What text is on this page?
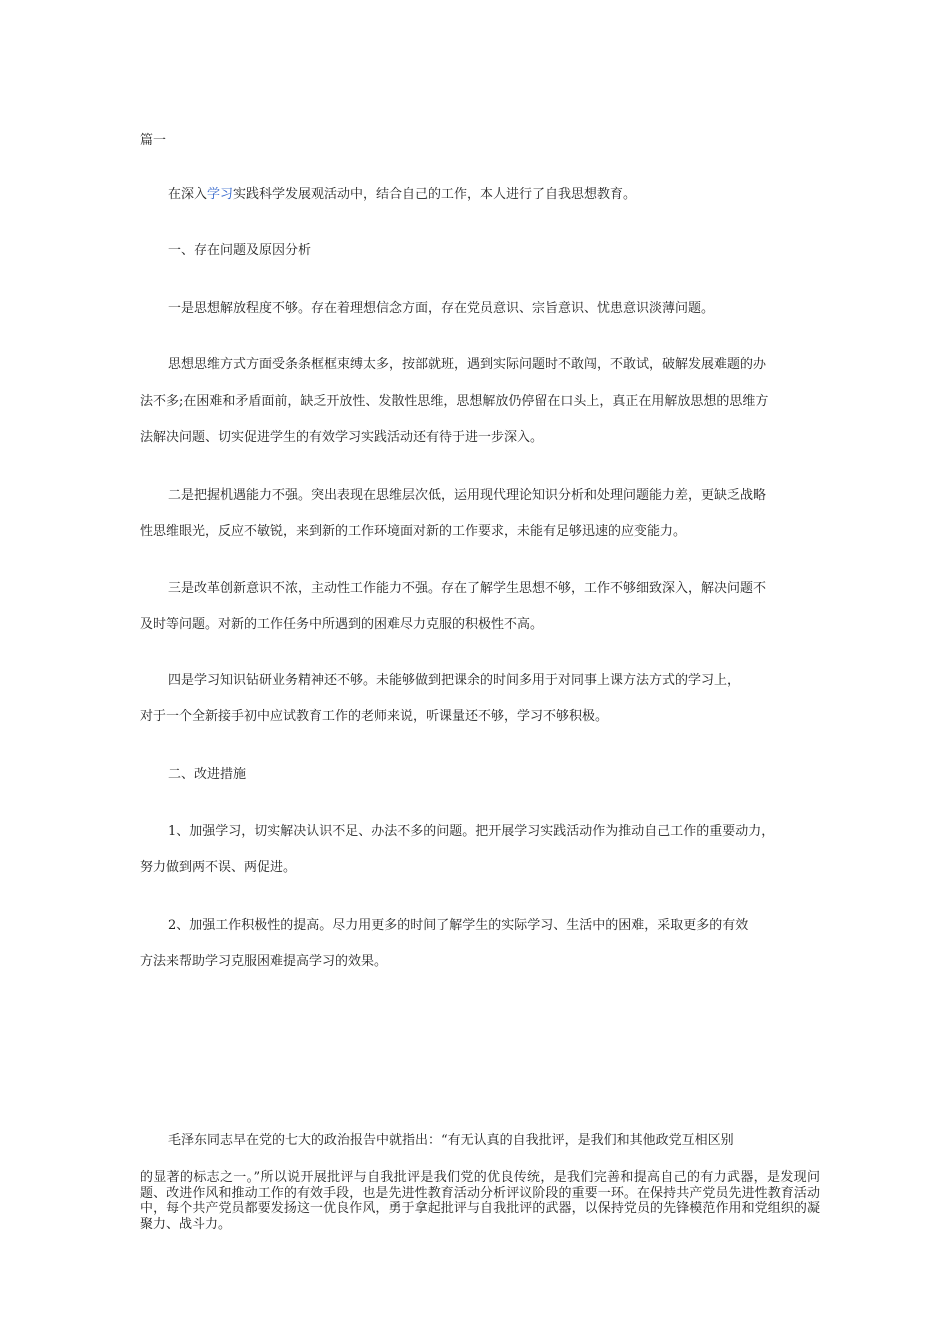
篇一
在深入学习实践科学发展观活动中，结合自己的工作，本人进行了自我思想教育。
一、存在问题及原因分析
一是思想解放程度不够。存在着理想信念方面，存在党员意识、宗旨意识、忧患意识淡薄问题。
思想思维方式方面受条条框框束缚太多，按部就班，遇到实际问题时不敢闯，不敢试，破解发展难题的办
法不多;在困难和矛盾面前，缺乏开放性、发散性思维，思想解放仍停留在口头上，真正在用解放思想的思维方
法解决问题、切实促进学生的有效学习实践活动还有待于进一步深入。
二是把握机遇能力不强。突出表现在思维层次低，运用现代理论知识分析和处理问题能力差，更缺乏战略
性思维眼光，反应不敏锐，来到新的工作环境面对新的工作要求，未能有足够迅速的应变能力。
三是改革创新意识不浓，主动性工作能力不强。存在了解学生思想不够，工作不够细致深入，解决问题不
及时等问题。对新的工作任务中所遇到的困难尽力克服的积极性不高。
四是学习知识钻研业务精神还不够。未能够做到把课余的时间多用于对同事上课方法方式的学习上，
对于一个全新接手初中应试教育工作的老师来说，听课量还不够，学习不够积极。
二、改进措施
1、加强学习，切实解决认识不足、办法不多的问题。把开展学习实践活动作为推动自己工作的重要动力，
努力做到两不误、两促进。
2、加强工作积极性的提高。尽力用更多的时间了解学生的实际学习、生活中的困难，采取更多的有效
方法来帮助学习克服困难提高学习的效果。
毛泽东同志早在党的七大的政治报告中就指出：“有无认真的自我批评，是我们和其他政党互相区别
的显著的标志之一。”所以说开展批评与自我批评是我们党的优良传统，是我们完善和提高自己的有力武器，是发现问题、改进作风和推动工作的有效手段，也是先进性教育活动分析评议阶段的重要一环。在保持共产党员先进性教育活动中，每个共产党员都要发扬这一优良作风，勇于拿起批评与自我批评的武器，以保持党员的先锋模范作用和党组织的凝聚力、战斗力。
